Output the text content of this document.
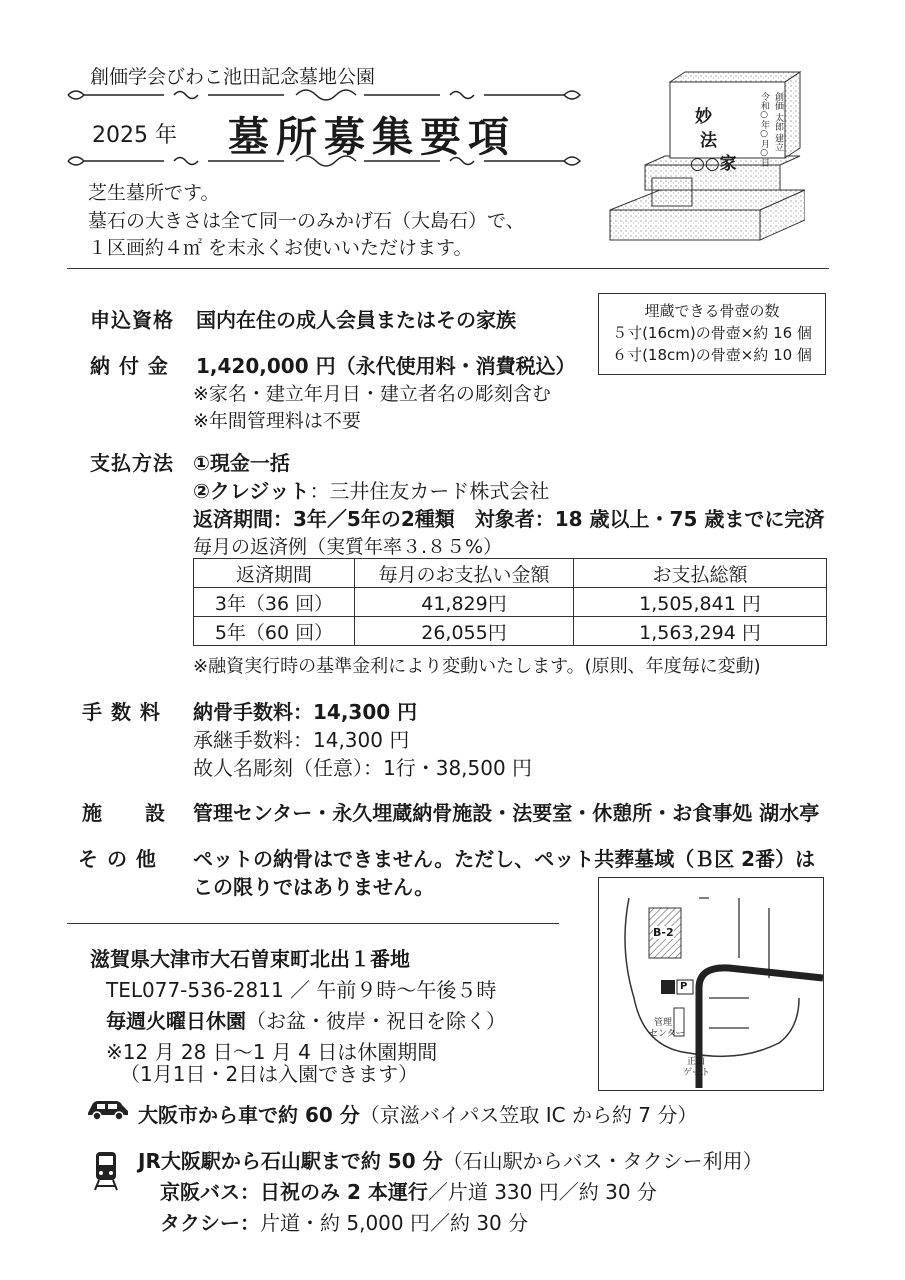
創価学会びわこ池田記念墓地公園
2025 年 墓所募集要項	妙
法
○○家 令和○年○月○日 創価 太郎 建立
芝生墓所です。
墓石の大きさは全て同一のみかげ石（大島石）で、
１区画約４㎡ を末永くお使いいただけます。
埋蔵できる骨壺の数
５寸(16cm)の骨壺×約 16 個
６寸(18cm)の骨壺×約 10 個
申込資格 国内在住の成人会員またはその家族
納 付 金 1,420,000 円（永代使用料・消費税込）
※家名・建立年月日・建立者名の彫刻含む
※年間管理料は不要
支払方法 ①現金一括
②クレジット：三井住友カード株式会社
返済期間：3年／5年の2種類　対象者：18 歳以上・75 歳までに完済
毎月の返済例（実質年率３.８５%）
返済期間	毎月のお支払い金額	お支払総額
3年（36 回）	41,829円	1,505,841 円
5年（60 回）	26,055円	1,563,294 円
※融資実行時の基準金利により変動いたします。(原則、年度毎に変動)
手 数 料 納骨手数料：14,300 円
承継手数料：14,300 円
故人名彫刻（任意）：1行・38,500 円
施　　設 管理センター・永久埋蔵納骨施設・法要室・休憩所・お食事処 湖水亭
そ の 他 ペットの納骨はできません。ただし、ペット共葬墓域（Ｂ区 2番）は
この限りではありません。
滋賀県大津市大石曽束町北出１番地
TEL077-536-2811 ／ 午前９時～午後５時
毎週火曜日休園（お盆・彼岸・祝日を除く）
※12 月 28 日～1 月 4 日は休園期間
（1月1日・2日は入園できます）
B-2
P
管理
センター
正面
ゲート
大阪市から車で約 60 分（京滋バイパス笠取 IC から約 7 分）
JR大阪駅から石山駅まで約 50 分（石山駅からバス・タクシー利用）
京阪バス：日祝のみ 2 本運行／片道 330 円／約 30 分
タクシー：片道・約 5,000 円／約 30 分
